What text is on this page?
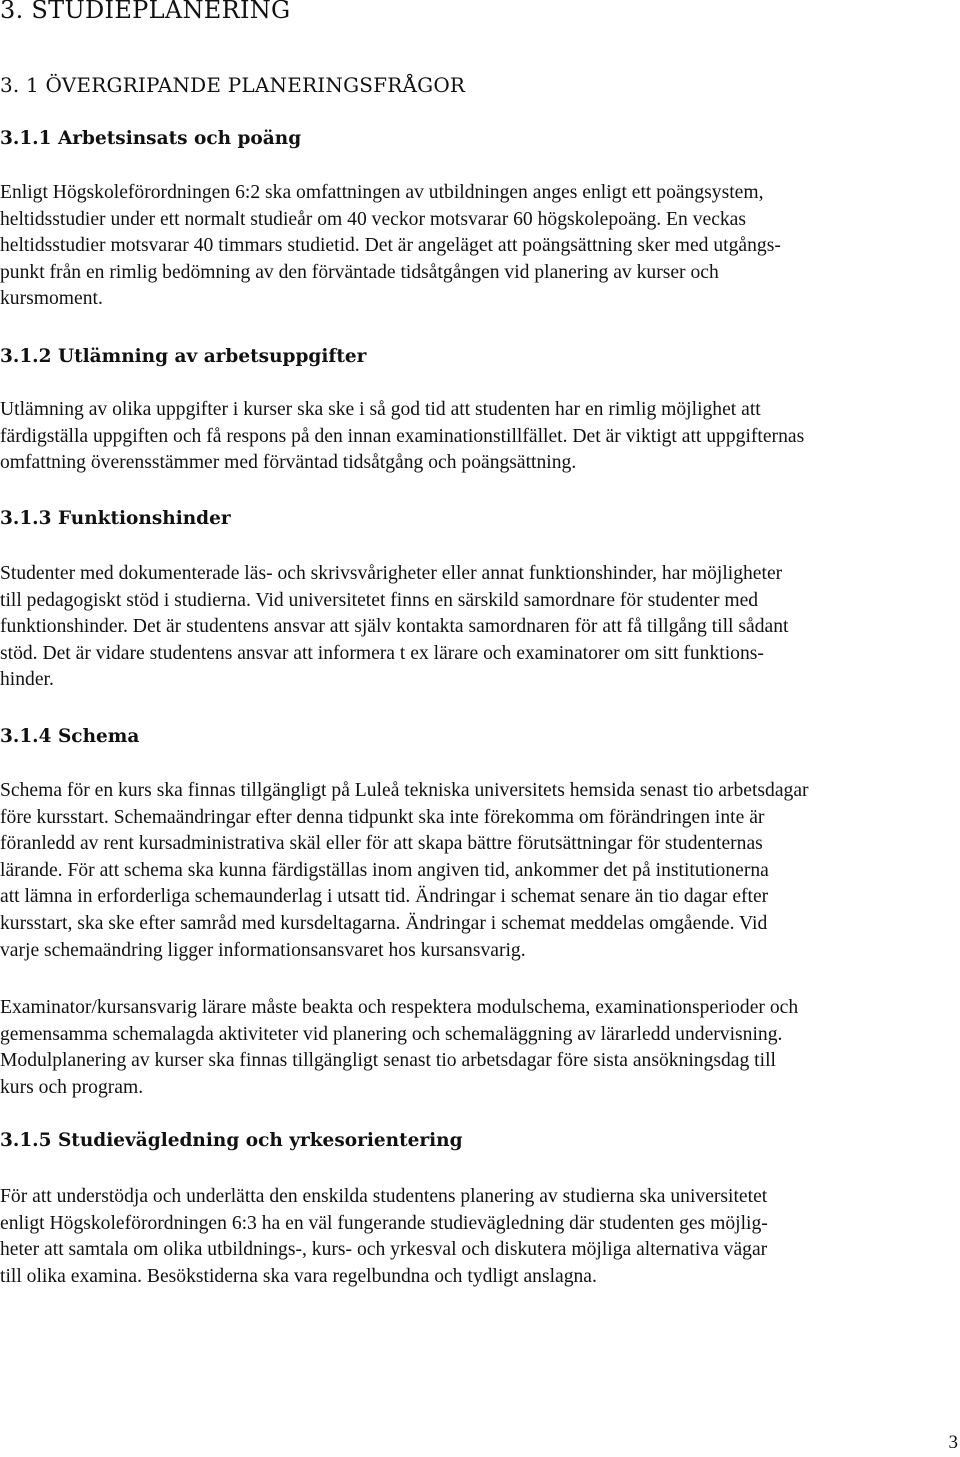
3. STUDIEPLANERING
3. 1 ÖVERGRIPANDE PLANERINGSFRÅGOR
3.1.1 Arbetsinsats och poäng

Enligt Högskoleförordningen 6:2 ska omfattningen av utbildningen anges enligt ett poängsystem,
heltidsstudier under ett normalt studieår om 40 veckor motsvarar 60 högskolepoäng. En veckas
heltidsstudier motsvarar 40 timmars studietid. Det är angeläget att poängsättning sker med utgångs-
punkt från en rimlig bedömning av den förväntade tidsåtgången vid planering av kurser och
kursmoment.

3.1.2 Utlämning av arbetsuppgifter

Utlämning av olika uppgifter i kurser ska ske i så god tid att studenten har en rimlig möjlighet att
färdigställa uppgiften och få respons på den innan examinationstillfället. Det är viktigt att uppgifternas
omfattning överensstämmer med förväntad tidsåtgång och poängsättning.

3.1.3 Funktionshinder

Studenter med dokumenterade läs- och skrivsvårigheter eller annat funktionshinder, har möjligheter
till pedagogiskt stöd i studierna. Vid universitetet finns en särskild samordnare för studenter med
funktionshinder. Det är studentens ansvar att själv kontakta samordnaren för att få tillgång till sådant
stöd. Det är vidare studentens ansvar att informera t ex lärare och examinatorer om sitt funktions-
hinder.

3.1.4 Schema

Schema för en kurs ska finnas tillgängligt på Luleå tekniska universitets hemsida senast tio arbetsdagar
före kursstart. Schemaändringar efter denna tidpunkt ska inte förekomma om förändringen inte är
föranledd av rent kursadministrativa skäl eller för att skapa bättre förutsättningar för studenternas
lärande. För att schema ska kunna färdigställas inom angiven tid, ankommer det på institutionerna
att lämna in erforderliga schemaunderlag i utsatt tid. Ändringar i schemat senare än tio dagar efter
kursstart, ska ske efter samråd med kursdeltagarna. Ändringar i schemat meddelas omgående. Vid
varje schemaändring ligger informationsansvaret hos kursansvarig.

Examinator/kursansvarig lärare måste beakta och respektera modulschema, examinationsperioder och
gemensamma schemalagda aktiviteter vid planering och schemaläggning av lärarledd undervisning.
Modulplanering av kurser ska finnas tillgängligt senast tio arbetsdagar före sista ansökningsdag till
kurs och program.

3.1.5 Studievägledning och yrkesorientering

För att understödja och underlätta den enskilda studentens planering av studierna ska universitetet
enligt Högskoleförordningen 6:3 ha en väl fungerande studievägledning där studenten ges möjlig-
heter att samtala om olika utbildnings-, kurs- och yrkesval och diskutera möjliga alternativa vägar
till olika examina. Besökstiderna ska vara regelbundna och tydligt anslagna.

3
